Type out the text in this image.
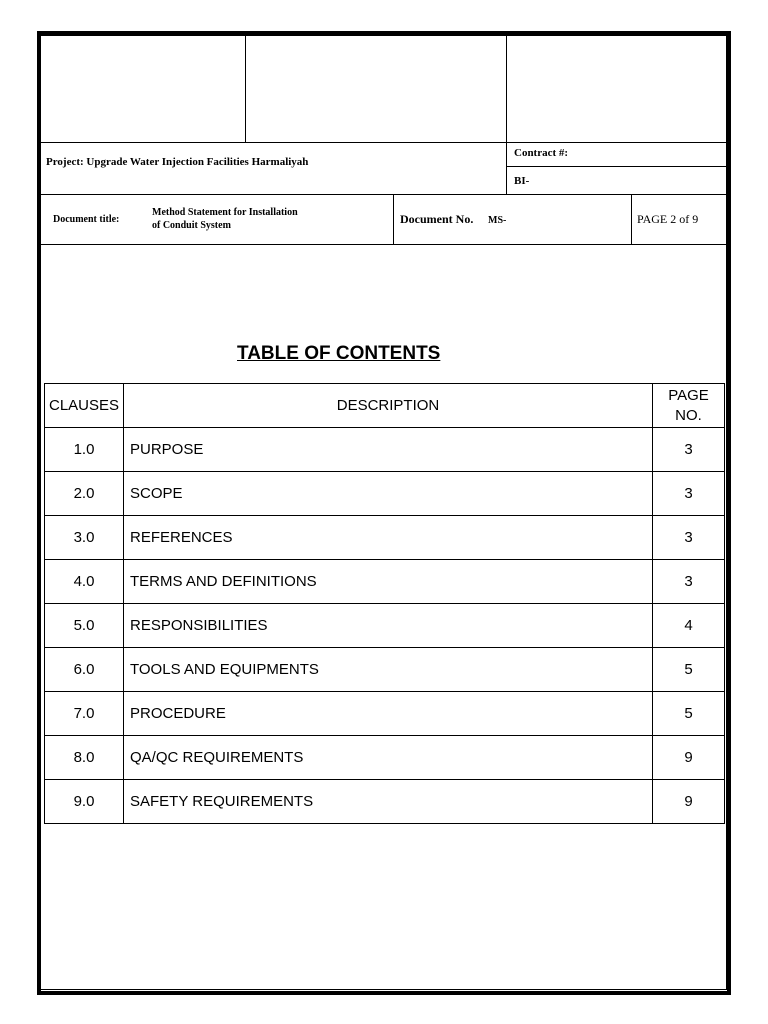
Project: Upgrade Water Injection Facilities Harmaliyah
Contract #:
BI-
Document title:
Method Statement for Installation
of Conduit System	Document No. MS-	PAGE 2 of 9
TABLE OF CONTENTS
CLAUSES	DESCRIPTION	PAGE
NO.

1.0	PURPOSE	3
2.0	SCOPE	3
3.0	REFERENCES	3
4.0	TERMS AND DEFINITIONS	3
5.0	RESPONSIBILITIES	4
6.0	TOOLS AND EQUIPMENTS	5
7.0	PROCEDURE	5
8.0	QA/QC REQUIREMENTS	9
9.0	SAFETY REQUIREMENTS	9
